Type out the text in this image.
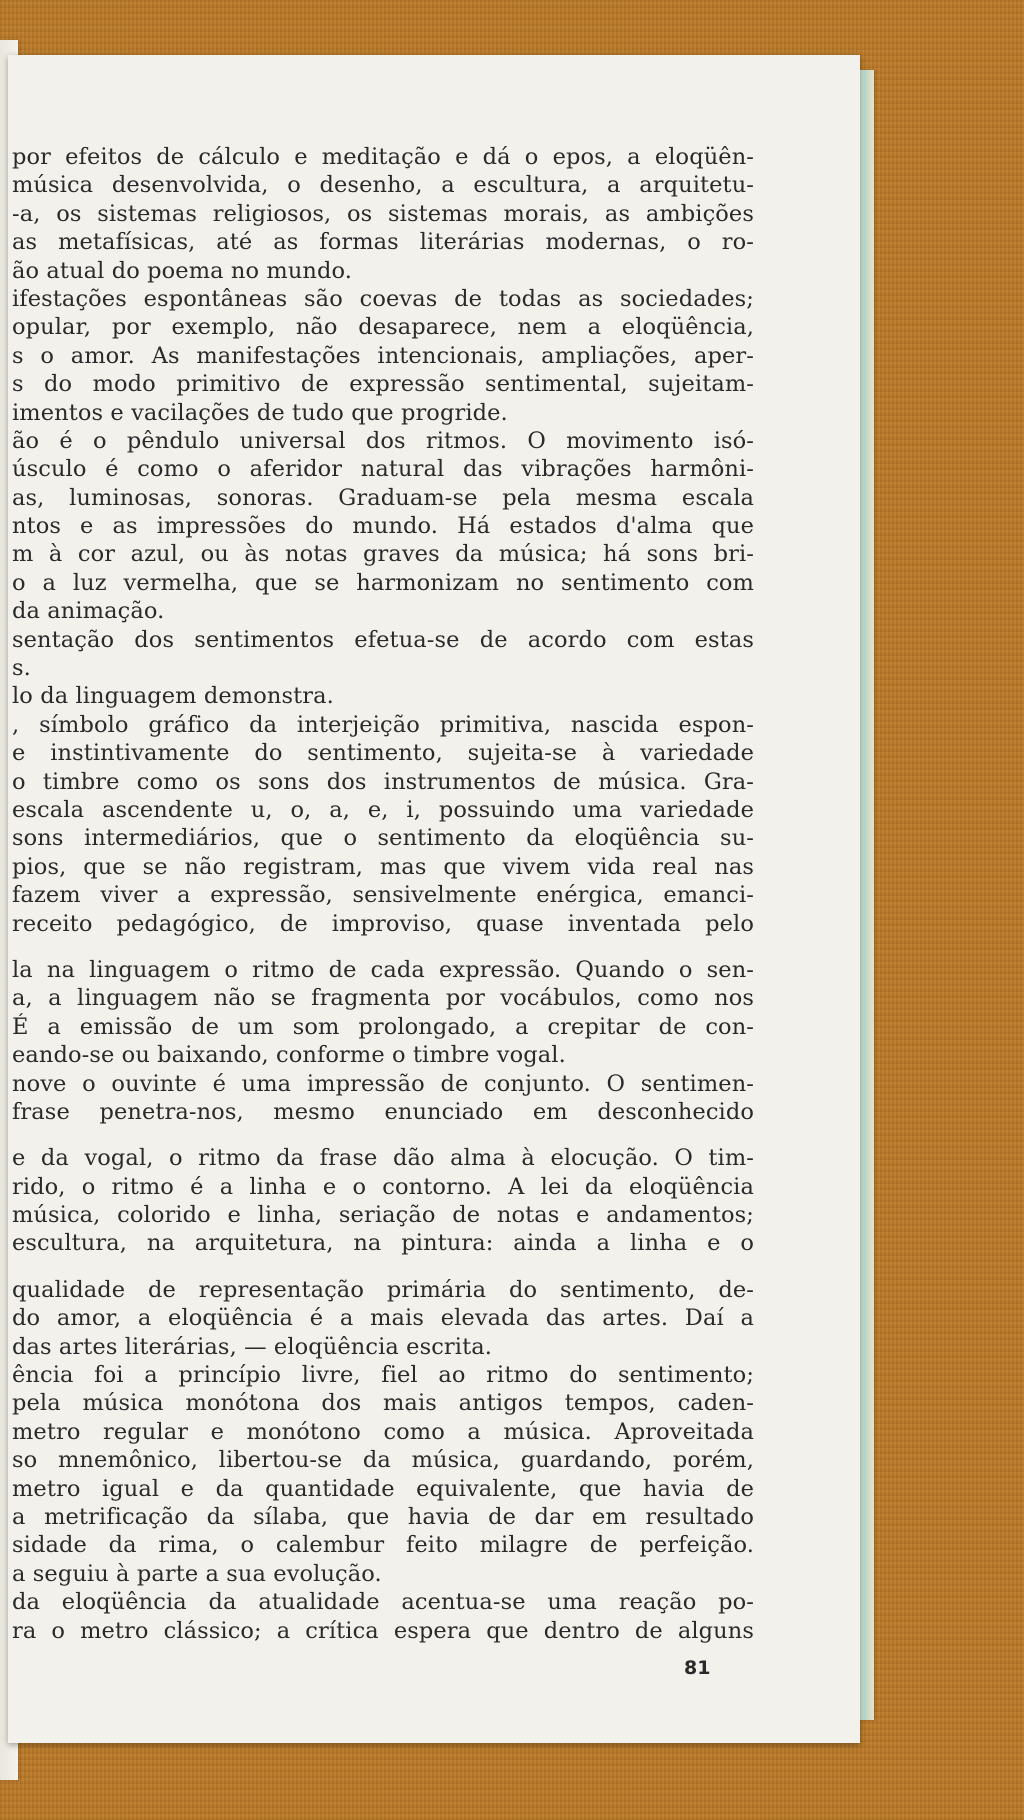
por efeitos de cálculo e meditação e dá o epos, a eloqüên-
música desenvolvida, o desenho, a escultura, a arquitetu-
-a, os sistemas religiosos, os sistemas morais, as ambições
as metafísicas, até as formas literárias modernas, o ro-
ão atual do poema no mundo.
ifestações espontâneas são coevas de todas as sociedades;
opular, por exemplo, não desaparece, nem a eloqüência,
s o amor. As manifestações intencionais, ampliações, aper-
s do modo primitivo de expressão sentimental, sujeitam-
imentos e vacilações de tudo que progride.
ão é o pêndulo universal dos ritmos. O movimento isó-
úsculo é como o aferidor natural das vibrações harmôni-
as, luminosas, sonoras. Graduam-se pela mesma escala
ntos e as impressões do mundo. Há estados d'alma que
m à cor azul, ou às notas graves da música; há sons bri-
o a luz vermelha, que se harmonizam no sentimento com
da animação.
sentação dos sentimentos efetua-se de acordo com estas
s.
lo da linguagem demonstra.
, símbolo gráfico da interjeição primitiva, nascida espon-
e instintivamente do sentimento, sujeita-se à variedade
o timbre como os sons dos instrumentos de música. Gra-
escala ascendente u, o, a, e, i, possuindo uma variedade
sons intermediários, que o sentimento da eloqüência su-
pios, que se não registram, mas que vivem vida real nas
fazem viver a expressão, sensivelmente enérgica, emanci-
receito pedagógico, de improviso, quase inventada pelo
la na linguagem o ritmo de cada expressão. Quando o sen-
a, a linguagem não se fragmenta por vocábulos, como nos
É a emissão de um som prolongado, a crepitar de con-
eando-se ou baixando, conforme o timbre vogal.
nove o ouvinte é uma impressão de conjunto. O sentimen-
frase penetra-nos, mesmo enunciado em desconhecido
e da vogal, o ritmo da frase dão alma à elocução. O tim-
rido, o ritmo é a linha e o contorno. A lei da eloqüência
música, colorido e linha, seriação de notas e andamentos;
escultura, na arquitetura, na pintura: ainda a linha e o
qualidade de representação primária do sentimento, de-
do amor, a eloqüência é a mais elevada das artes. Daí a
das artes literárias, — eloqüência escrita.
ência foi a princípio livre, fiel ao ritmo do sentimento;
pela música monótona dos mais antigos tempos, caden-
metro regular e monótono como a música. Aproveitada
so mnemônico, libertou-se da música, guardando, porém,
metro igual e da quantidade equivalente, que havia de
a metrificação da sílaba, que havia de dar em resultado
sidade da rima, o calembur feito milagre de perfeição.
a seguiu à parte a sua evolução.
da eloqüência da atualidade acentua-se uma reação po-
ra o metro clássico; a crítica espera que dentro de alguns
81
